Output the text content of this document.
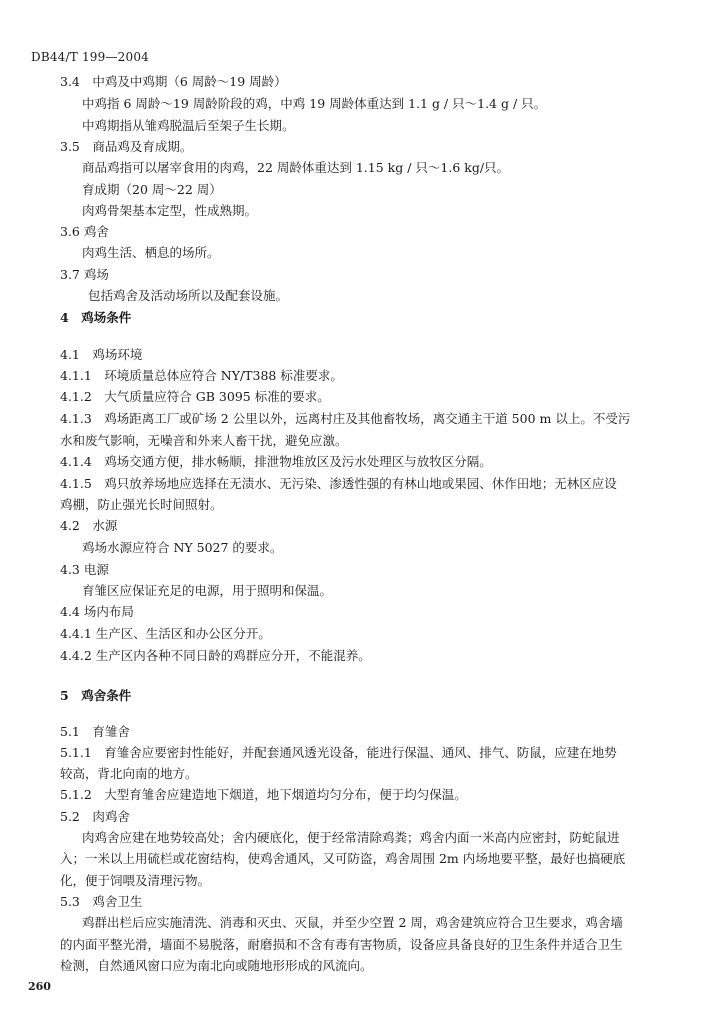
DB44/T 199—2004
3.4　中鸡及中鸡期（6 周龄～19 周龄）
中鸡指 6 周龄～19 周龄阶段的鸡，中鸡 19 周龄体重达到 1.1 g / 只～1.4 g / 只。
中鸡期指从雏鸡脱温后至架子生长期。
3.5　商品鸡及育成期。
商品鸡指可以屠宰食用的肉鸡，22 周龄体重达到 1.15 kg / 只～1.6 kg/只。
育成期（20 周～22 周）
肉鸡骨架基本定型，性成熟期。
3.6 鸡舍
肉鸡生活、栖息的场所。
3.7 鸡场
包括鸡舍及活动场所以及配套设施。
4　鸡场条件
4.1　鸡场环境
4.1.1　环境质量总体应符合 NY/T388 标准要求。
4.1.2　大气质量应符合 GB 3095 标准的要求。
4.1.3　鸡场距离工厂或矿场 2 公里以外，远离村庄及其他畜牧场，离交通主干道 500 m 以上。不受污
水和废气影响，无噪音和外来人畜干扰，避免应激。
4.1.4　鸡场交通方便，排水畅顺，排泄物堆放区及污水处理区与放牧区分隔。
4.1.5　鸡只放养场地应选择在无渍水、无污染、渗透性强的有林山地或果园、休作田地；无林区应设
鸡棚，防止强光长时间照射。
4.2　水源
鸡场水源应符合 NY 5027 的要求。
4.3 电源
育雏区应保证充足的电源，用于照明和保温。
4.4 场内布局
4.4.1 生产区、生活区和办公区分开。
4.4.2 生产区内各种不同日龄的鸡群应分开，不能混养。
5　鸡舍条件
5.1　育雏舍
5.1.1　育雏舍应要密封性能好，并配套通风透光设备，能进行保温、通风、排气、防鼠，应建在地势
较高，背北向南的地方。
5.1.2　大型育雏舍应建造地下烟道，地下烟道均匀分布，便于均匀保温。
5.2　肉鸡舍
肉鸡舍应建在地势较高处；舍内硬底化，便于经常清除鸡粪；鸡舍内面一米高内应密封，防蛇鼠进
入；一米以上用硫栏或花窗结构，使鸡舍通风，又可防盗，鸡舍周围 2m 内场地要平整，最好也搞硬底
化，便于饲喂及清理污物。
5.3　鸡舍卫生
鸡群出栏后应实施清洗、消毒和灭虫、灭鼠，并至少空置 2 周，鸡舍建筑应符合卫生要求，鸡舍墙
的内面平整光滑，墙面不易脱落，耐磨损和不含有毒有害物质，设备应具备良好的卫生条件并适合卫生
检测，自然通风窗口应为南北向或随地形形成的风流向。
260
